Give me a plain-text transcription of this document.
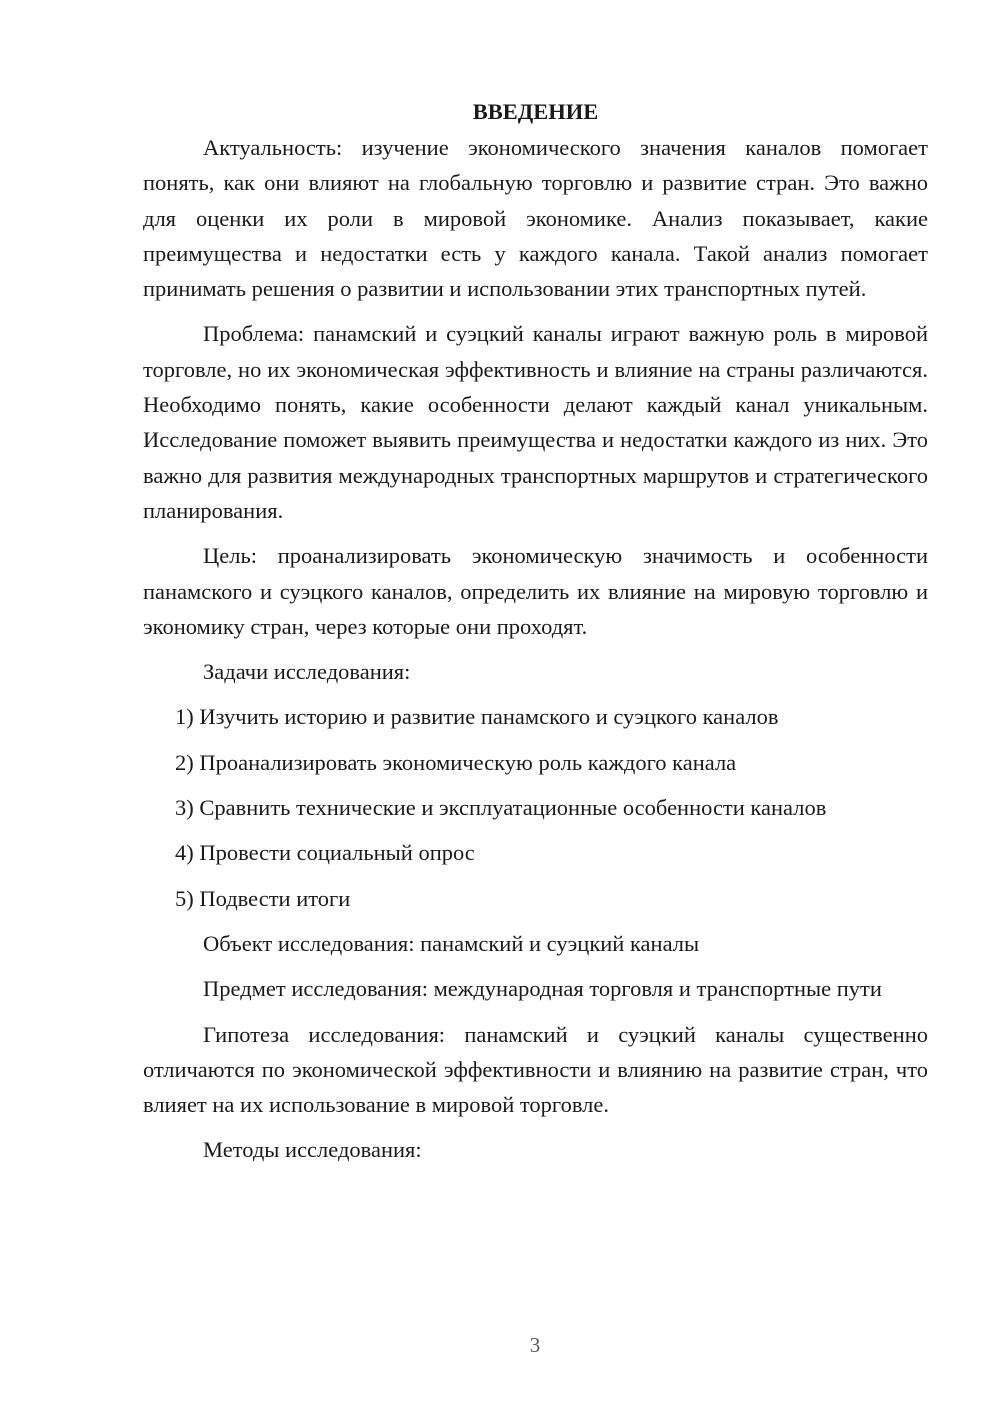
ВВЕДЕНИЕ

Актуальность: изучение экономического значения каналов помогает понять, как они влияют на глобальную торговлю и развитие стран. Это важно для оценки их роли в мировой экономике. Анализ показывает, какие преимущества и недостатки есть у каждого канала. Такой анализ помогает принимать решения о развитии и использовании этих транспортных путей.

Проблема: панамский и суэцкий каналы играют важную роль в мировой торговле, но их экономическая эффективность и влияние на страны различаются. Необходимо понять, какие особенности делают каждый канал уникальным. Исследование поможет выявить преимущества и недостатки каждого из них. Это важно для развития международных транспортных маршрутов и стратегического планирования.

Цель: проанализировать экономическую значимость и особенности панамского и суэцкого каналов, определить их влияние на мировую торговлю и экономику стран, через которые они проходят.

Задачи исследования:

1) Изучить историю и развитие панамского и суэцкого каналов
2) Проанализировать экономическую роль каждого канала
3) Сравнить технические и эксплуатационные особенности каналов
4) Провести социальный опрос
5) Подвести итоги

Объект исследования: панамский и суэцкий каналы

Предмет исследования: международная торговля и транспортные пути

Гипотеза исследования: панамский и суэцкий каналы существенно отличаются по экономической эффективности и влиянию на развитие стран, что влияет на их использование в мировой торговле.

Методы исследования:

3
